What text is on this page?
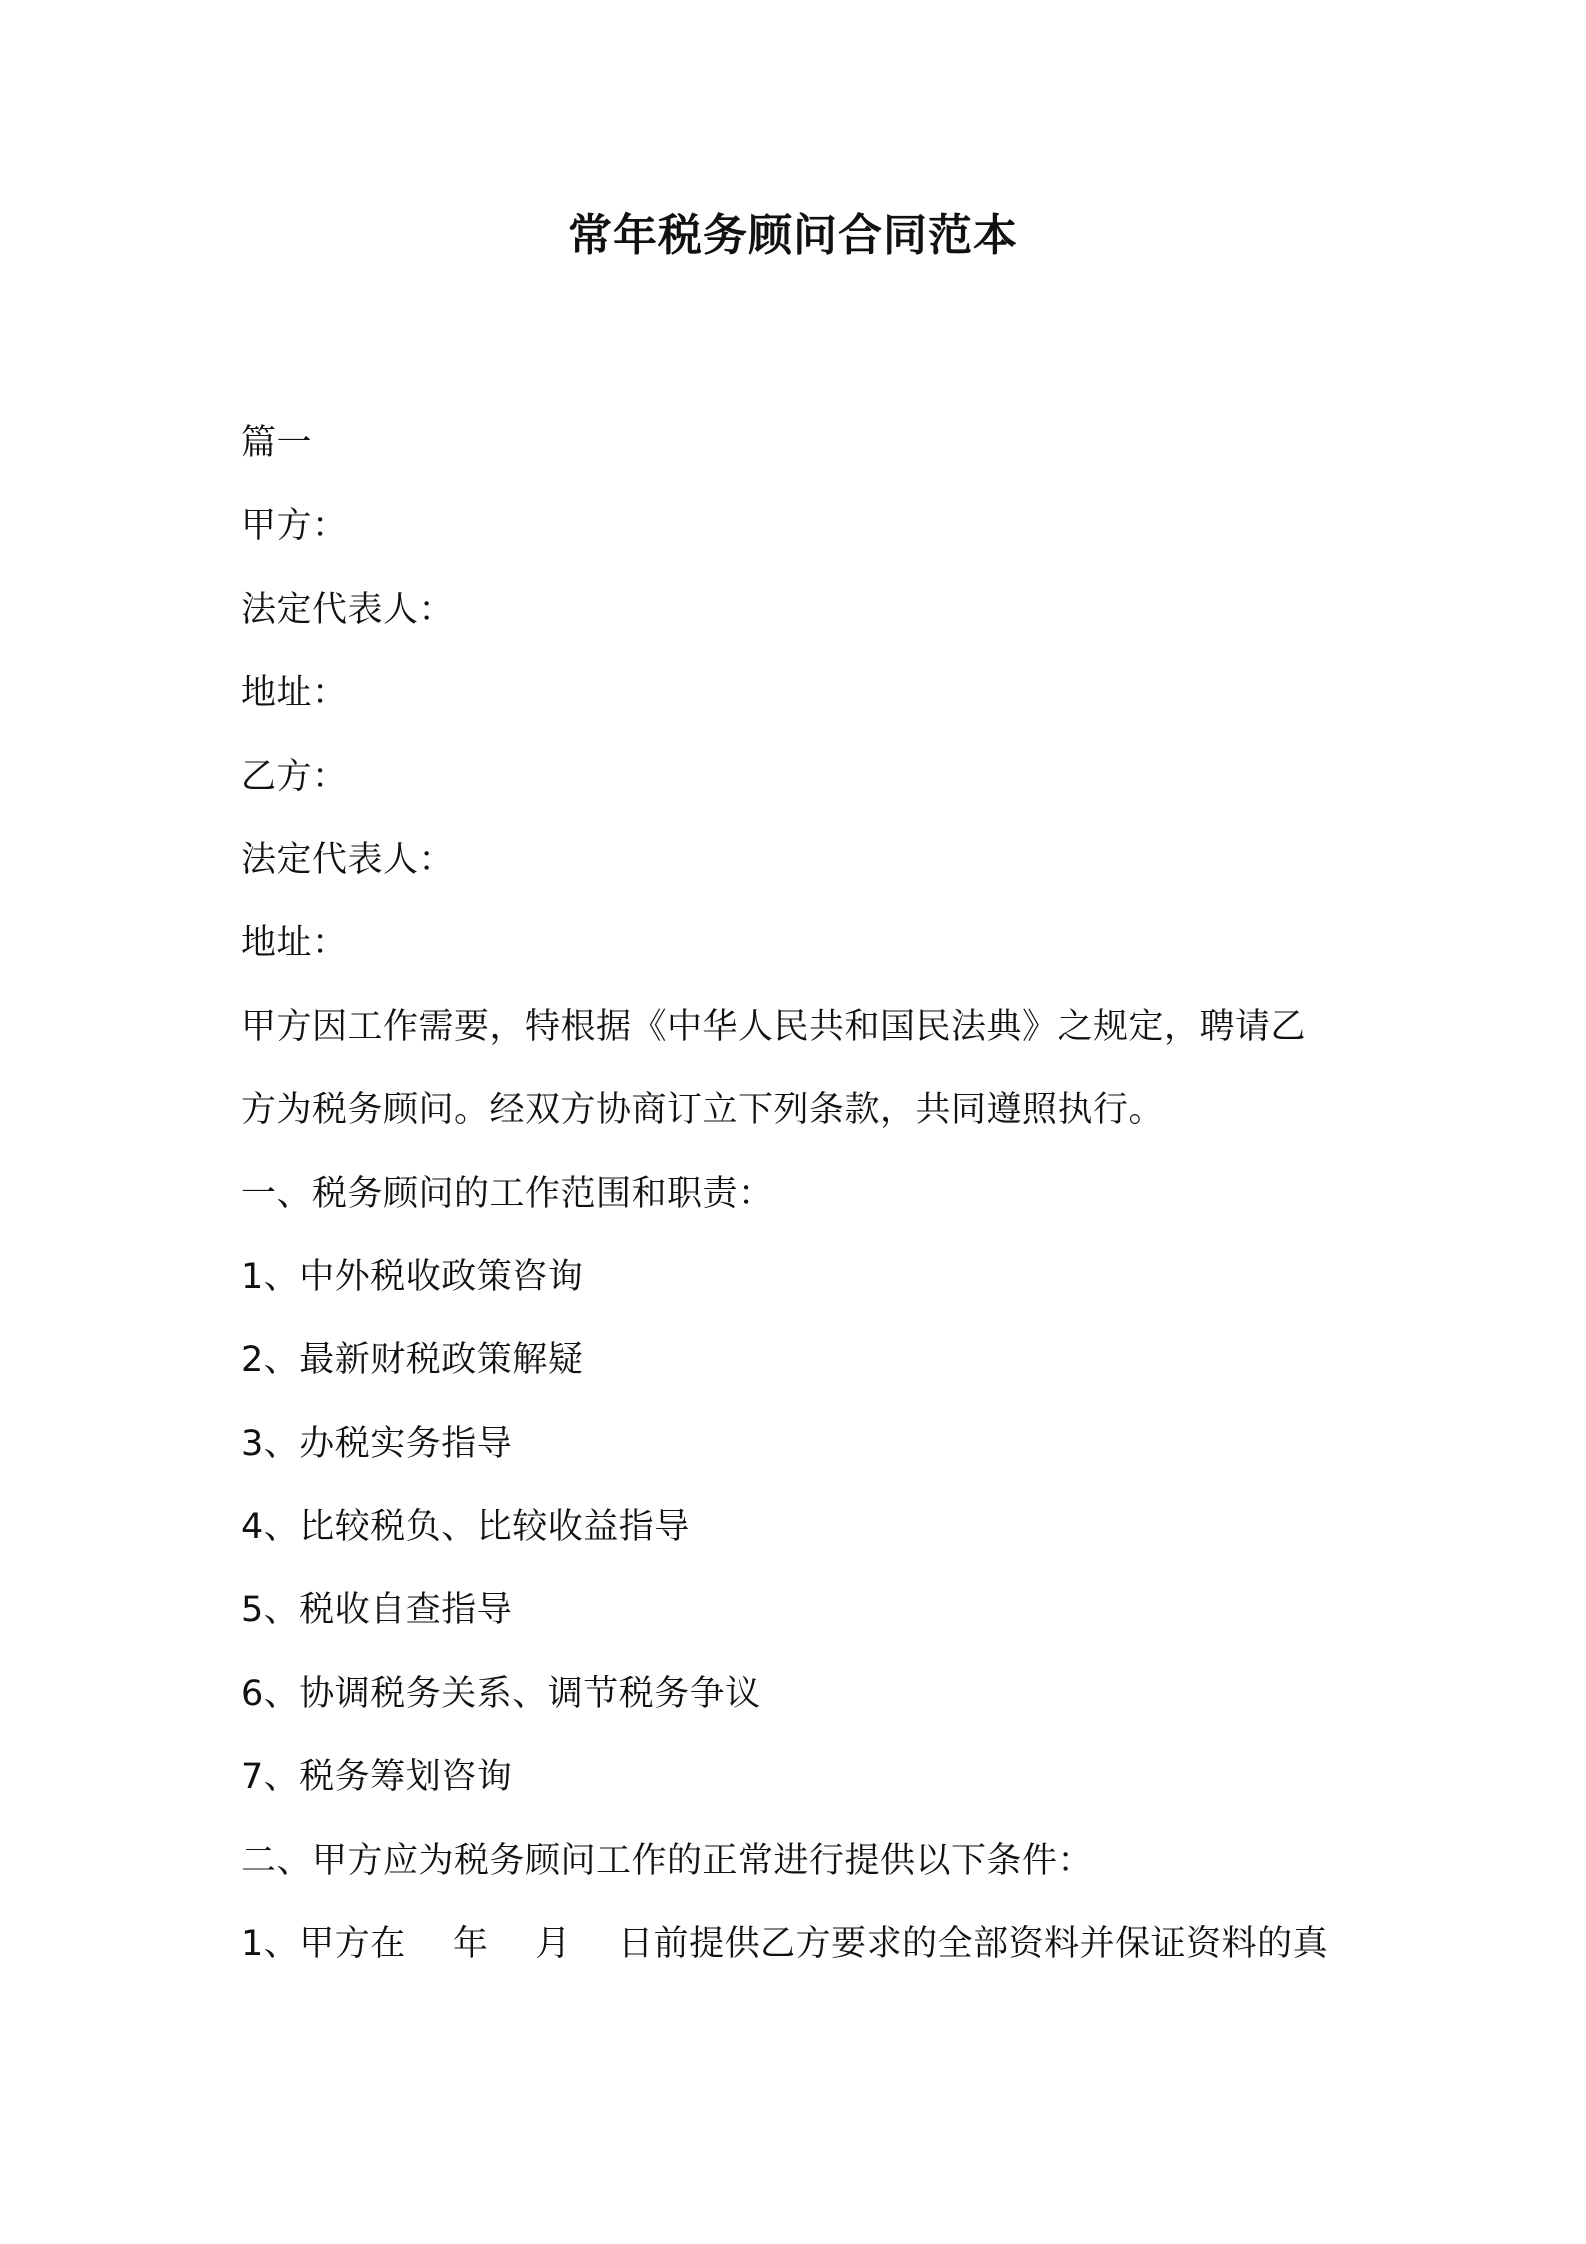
常年税务顾问合同范本
篇一
甲方：
法定代表人：
地址：
乙方：
法定代表人：
地址：
甲方因工作需要，特根据《中华人民共和国民法典》之规定，聘请乙
方为税务顾问。经双方协商订立下列条款，共同遵照执行。
一、税务顾问的工作范围和职责：
1、中外税收政策咨询
2、最新财税政策解疑
3、办税实务指导
4、比较税负、比较收益指导
5、税收自查指导
6、协调税务关系、调节税务争议
7、税务筹划咨询
二、甲方应为税务顾问工作的正常进行提供以下条件：
1、甲方在　 年　 月　 日前提供乙方要求的全部资料并保证资料的真
